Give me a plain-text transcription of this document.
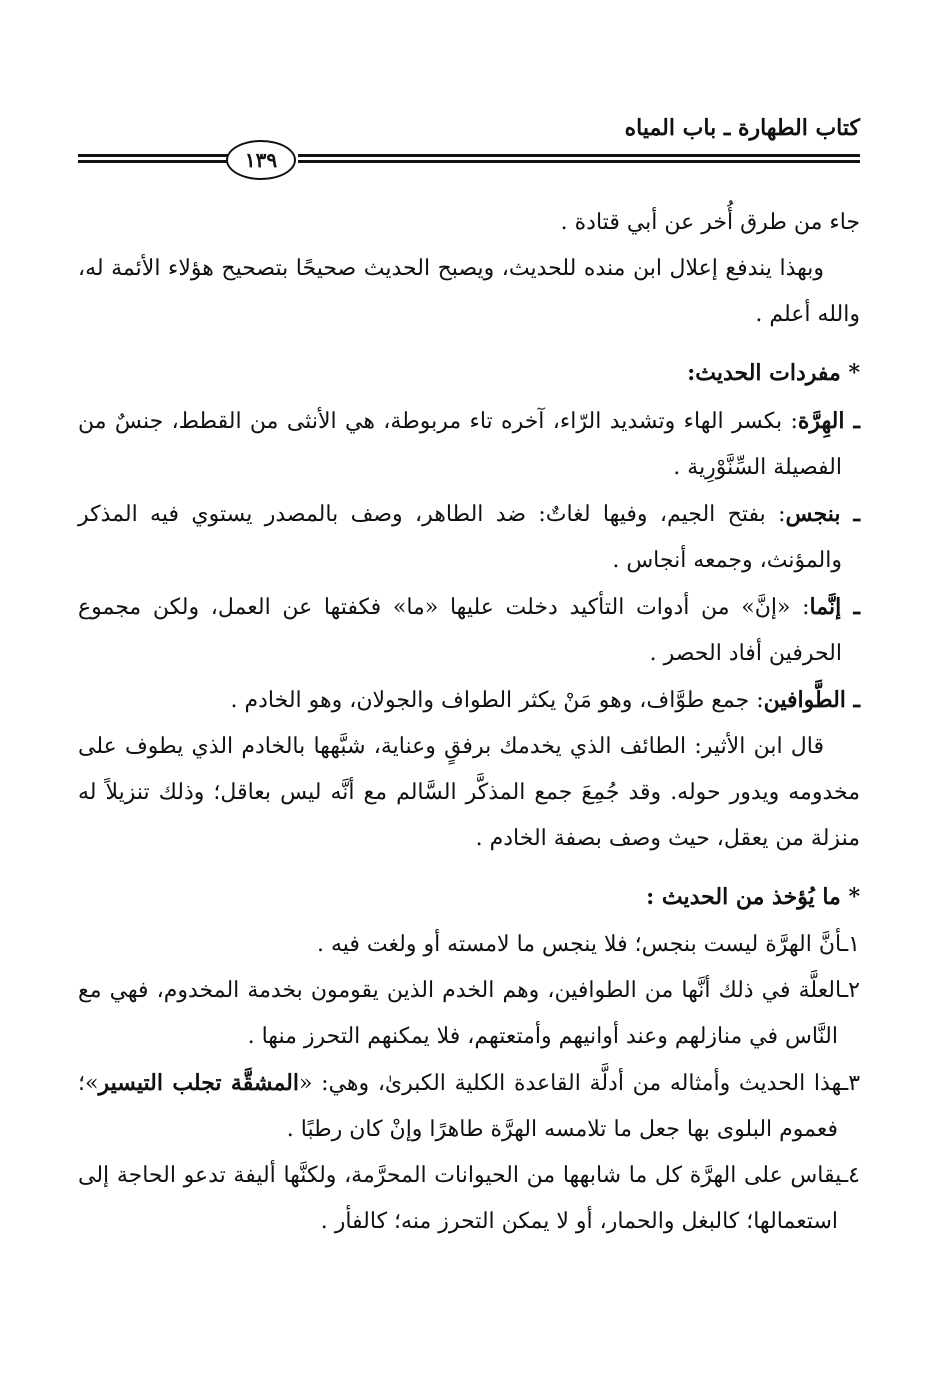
كتاب الطهارة ـ باب المياه
١٣٩

جاء من طرق أُخر عن أبي قتادة .

وبهذا يندفع إعلال ابن منده للحديث، ويصبح الحديث صحيحًا بتصحيح هؤلاء الأئمة له، والله أعلم .

* مفردات الحديث:

ـ الهِرَّة: بكسر الهاء وتشديد الرّاء، آخره تاء مربوطة، هي الأنثى من القطط، جنسٌ من الفصيلة السِّنَّوْرِية .

ـ بنجس: بفتح الجيم، وفيها لغاتٌ: ضد الطاهر، وصف بالمصدر يستوي فيه المذكر والمؤنث، وجمعه أنجاس .

ـ إنَّما: «إنَّ» من أدوات التأكيد دخلت عليها «ما» فكفتها عن العمل، ولكن مجموع الحرفين أفاد الحصر .

ـ الطَّوافين: جمع طوَّاف، وهو مَنْ يكثر الطواف والجولان، وهو الخادم .

قال ابن الأثير: الطائف الذي يخدمك برفقٍ وعناية، شبَّهها بالخادم الذي يطوف على مخدومه ويدور حوله. وقد جُمِعَ جمع المذكَّر السَّالم مع أنَّه ليس بعاقل؛ وذلك تنزيلاً له منزلة من يعقل، حيث وصف بصفة الخادم .

* ما يُؤخذ من الحديث :

١ـأنَّ الهرَّة ليست بنجس؛ فلا ينجس ما لامسته أو ولغت فيه .

٢ـالعلَّة في ذلك أنَّها من الطوافين، وهم الخدم الذين يقومون بخدمة المخدوم، فهي مع النَّاس في منازلهم وعند أوانيهم وأمتعتهم، فلا يمكنهم التحرز منها .

٣ـهذا الحديث وأمثاله من أدلَّة القاعدة الكلية الكبرىٰ، وهي: «المشقَّة تجلب التيسير»؛ فعموم البلوى بها جعل ما تلامسه الهرَّة طاهرًا وإنْ كان رطبًا .

٤ـيقاس على الهرَّة كل ما شابهها من الحيوانات المحرَّمة، ولكنَّها أليفة تدعو الحاجة إلى استعمالها؛ كالبغل والحمار، أو لا يمكن التحرز منه؛ كالفأر .
